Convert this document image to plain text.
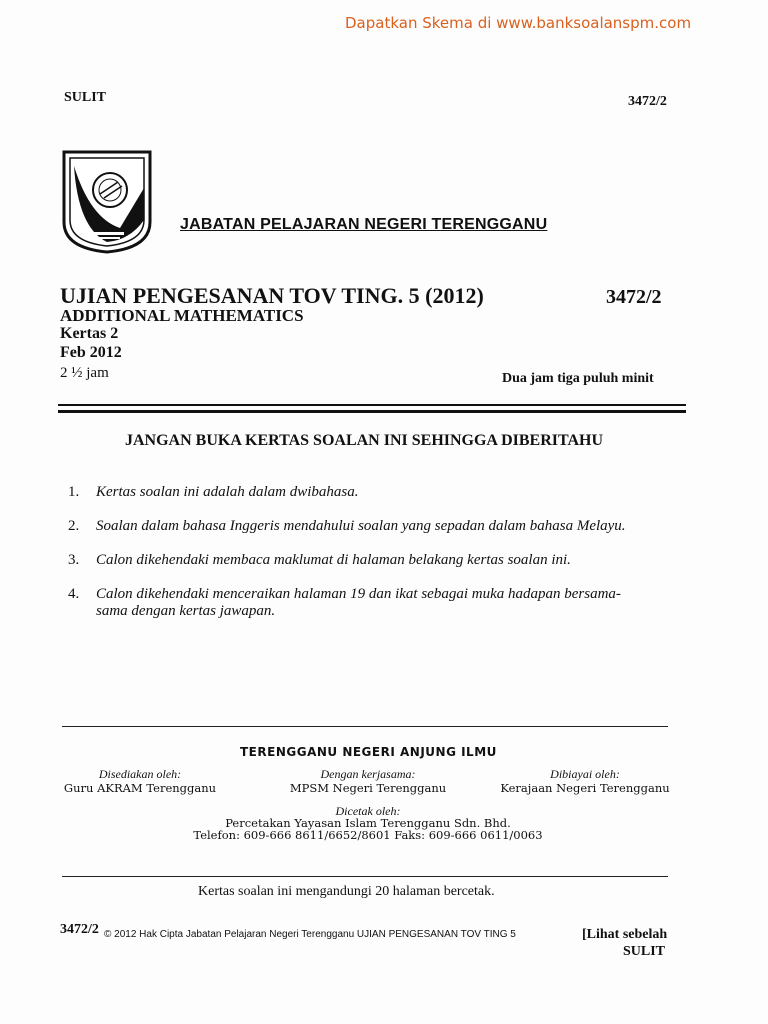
Dapatkan Skema di www.banksoalanspm.com
SULIT	3472/2
JABATAN PELAJARAN NEGERI TERENGGANU
UJIAN PENGESANAN TOV TING. 5 (2012)	3472/2
ADDITIONAL MATHEMATICS
Kertas 2
Feb 2012
2 ½ jam	Dua jam tiga puluh minit
JANGAN BUKA KERTAS SOALAN INI SEHINGGA DIBERITAHU
1. Kertas soalan ini adalah dalam dwibahasa.
2. Soalan dalam bahasa Inggeris mendahului soalan yang sepadan dalam bahasa Melayu.
3. Calon dikehendaki membaca maklumat di halaman belakang kertas soalan ini.
4. Calon dikehendaki menceraikan halaman 19 dan ikat sebagai muka hadapan bersama-sama dengan kertas jawapan.
TERENGGANU NEGERI ANJUNG ILMU
Disediakan oleh:
Guru AKRAM Terengganu
Dengan kerjasama:
MPSM Negeri Terengganu
Dibiayai oleh:
Kerajaan Negeri Terengganu
Dicetak oleh:
Percetakan Yayasan Islam Terengganu Sdn. Bhd.
Telefon: 609-666 8611/6652/8601 Faks: 609-666 0611/0063
Kertas soalan ini mengandungi 20 halaman bercetak.
3472/2 © 2012 Hak Cipta Jabatan Pelajaran Negeri Terengganu UJIAN PENGESANAN TOV TING 5	[Lihat sebelah
SULIT
